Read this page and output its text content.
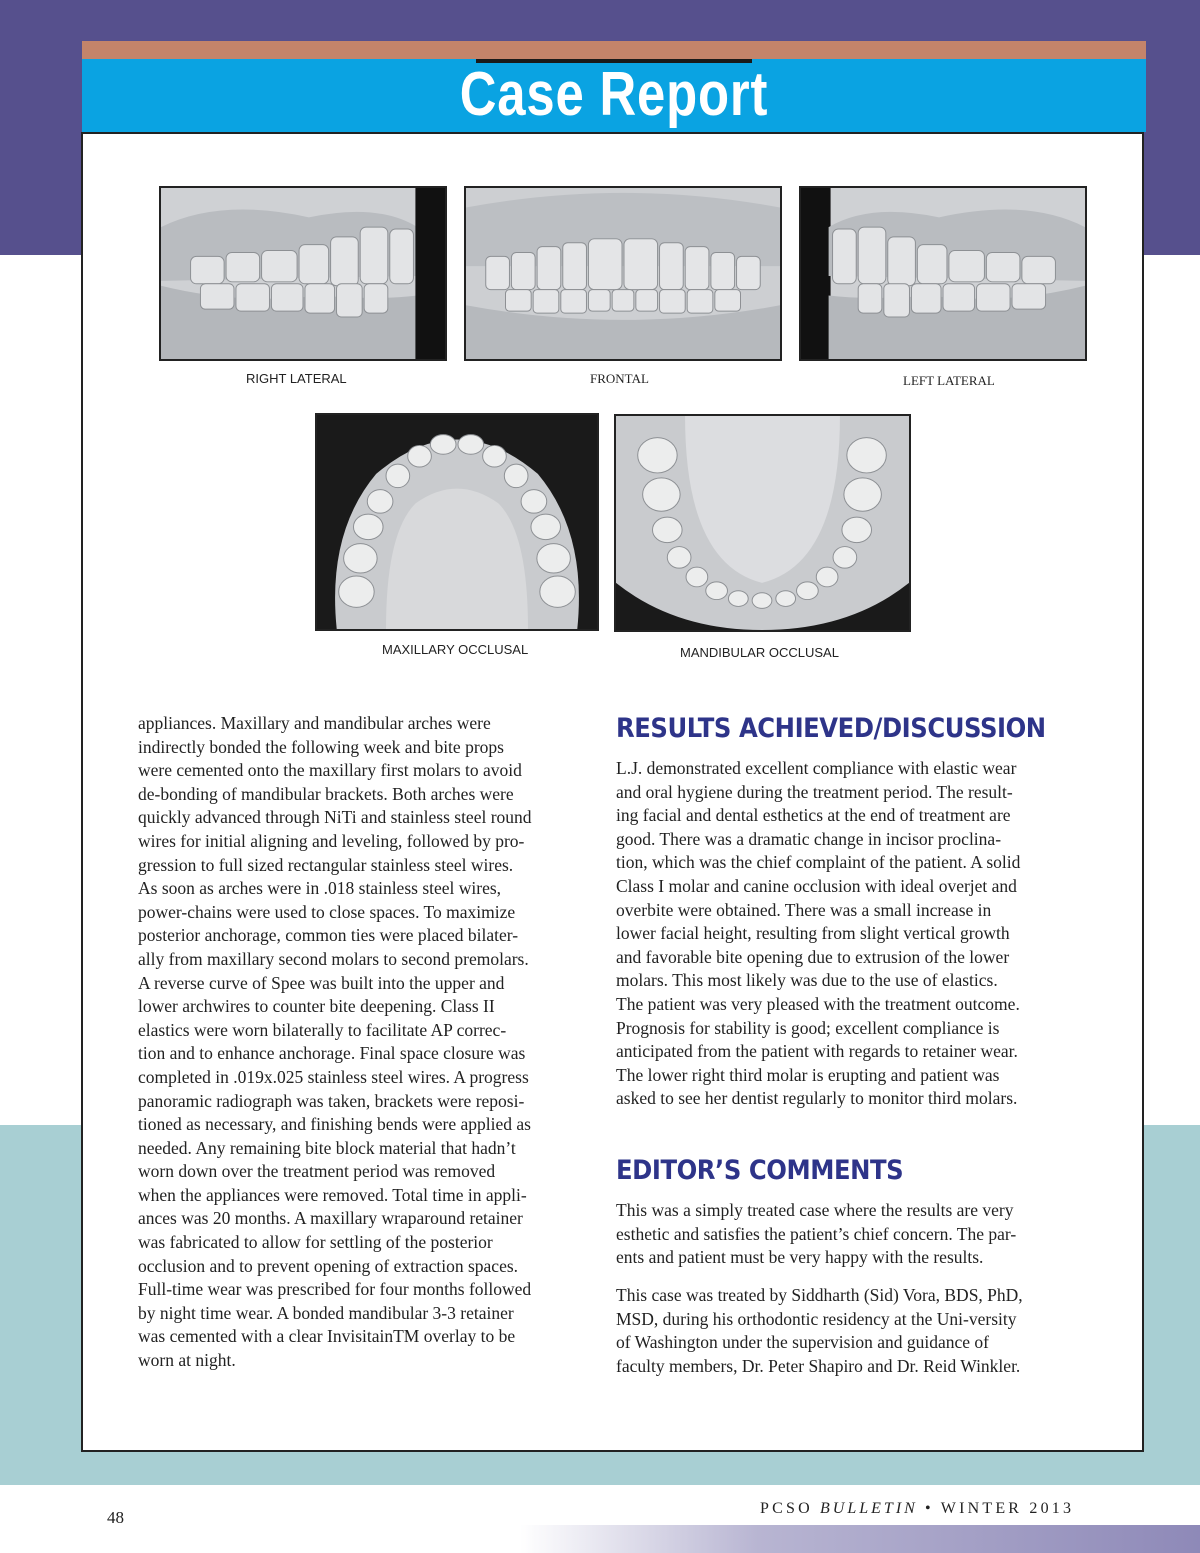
Case Report
RIGHT LATERAL	FRONTAL	LEFT LATERAL
MAXILLARY OCCLUSAL	MANDIBULAR OCCLUSAL
appliances. Maxillary and mandibular arches were
indirectly bonded the following week and bite props
were cemented onto the maxillary first molars to avoid
de-bonding of mandibular brackets. Both arches were
quickly advanced through NiTi and stainless steel round
wires for initial aligning and leveling, followed by pro-
gression to full sized rectangular stainless steel wires.
As soon as arches were in .018 stainless steel wires,
power-chains were used to close spaces. To maximize
posterior anchorage, common ties were placed bilater-
ally from maxillary second molars to second premolars.
A reverse curve of Spee was built into the upper and
lower archwires to counter bite deepening. Class II
elastics were worn bilaterally to facilitate AP correc-
tion and to enhance anchorage. Final space closure was
completed in .019x.025 stainless steel wires. A progress
panoramic radiograph was taken, brackets were reposi-
tioned as necessary, and finishing bends were applied as
needed. Any remaining bite block material that hadn’t
worn down over the treatment period was removed
when the appliances were removed. Total time in appli-
ances was 20 months. A maxillary wraparound retainer
was fabricated to allow for settling of the posterior
occlusion and to prevent opening of extraction spaces.
Full-time wear was prescribed for four months followed
by night time wear. A bonded mandibular 3-3 retainer
was cemented with a clear InvisitainTM overlay to be
worn at night.
RESULTS ACHIEVED/DISCUSSION
L.J. demonstrated excellent compliance with elastic wear
and oral hygiene during the treatment period. The result-
ing facial and dental esthetics at the end of treatment are
good. There was a dramatic change in incisor proclina-
tion, which was the chief complaint of the patient. A solid
Class I molar and canine occlusion with ideal overjet and
overbite were obtained. There was a small increase in
lower facial height, resulting from slight vertical growth
and favorable bite opening due to extrusion of the lower
molars. This most likely was due to the use of elastics.
The patient was very pleased with the treatment outcome.
Prognosis for stability is good; excellent compliance is
anticipated from the patient with regards to retainer wear.
The lower right third molar is erupting and patient was
asked to see her dentist regularly to monitor third molars.
EDITOR’S COMMENTS
This was a simply treated case where the results are very
esthetic and satisfies the patient’s chief concern. The par-
ents and patient must be very happy with the results.
This case was treated by Siddharth (Sid) Vora, BDS, PhD,
MSD, during his orthodontic residency at the Uni-versity
of Washington under the supervision and guidance of
faculty members, Dr. Peter Shapiro and Dr. Reid Winkler.
48	PCSO BULLETIN • WINTER 2013
